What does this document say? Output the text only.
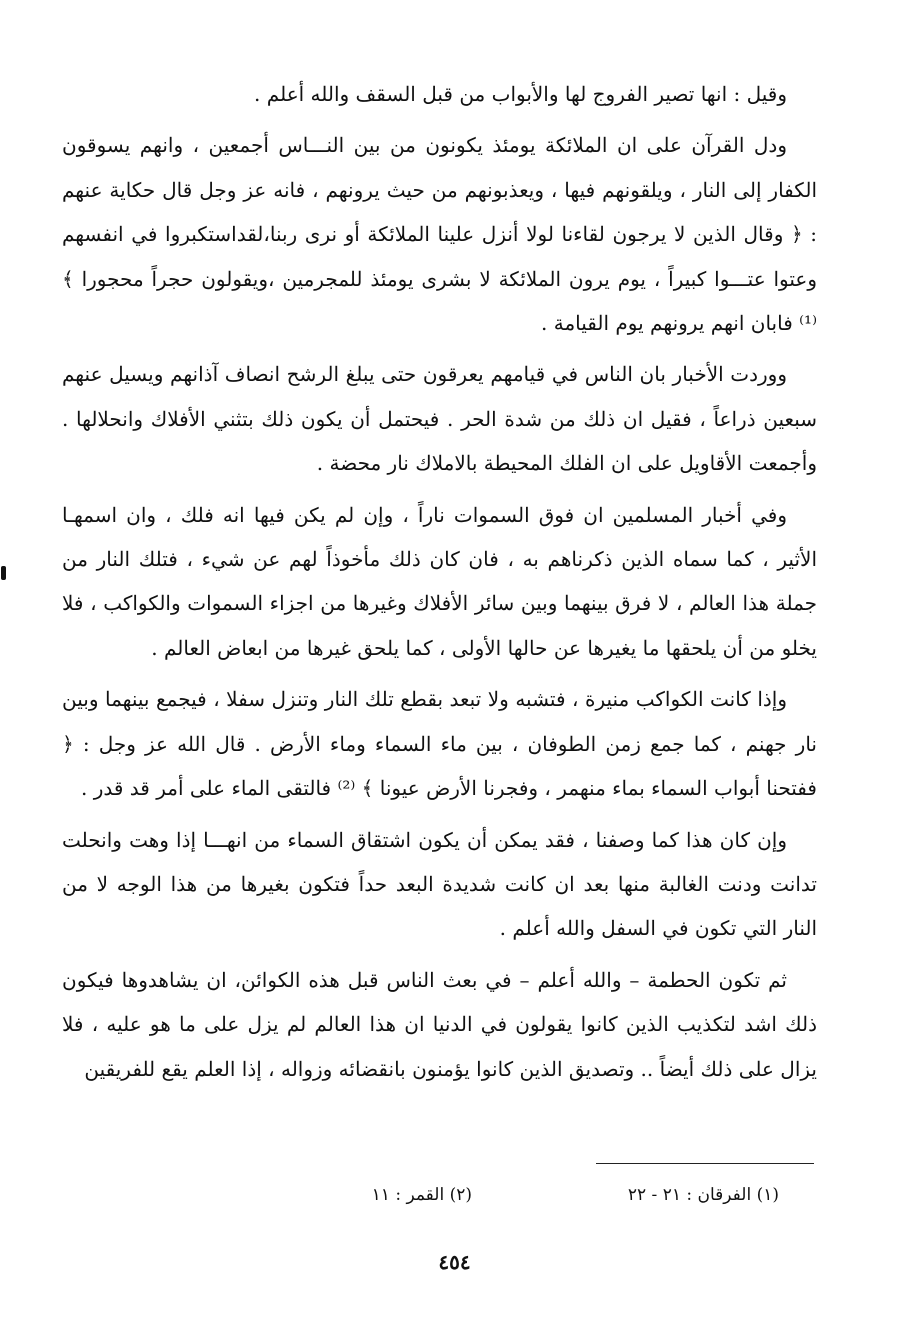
وقيل : انها تصير الفروج لها والأبواب من قبل السقف والله أعلم .

ودل القرآن على ان الملائكة يومئذ يكونون من بين النـــاس أجمعين ، وانهم يسوقون الكفار إلى النار ، ويلقونهم فيها ، ويعذبونهم من حيث يرونهم ، فانه عز وجل قال حكاية عنهم : ﴿ وقال الذين لا يرجون لقاءنا لولا أنزل علينا الملائكة أو نرى ربنا،لقداستكبروا في انفسهم وعتوا عتـــوا كبيراً ، يوم يرون الملائكة لا بشرى يومئذ للمجرمين ،ويقولون حجراً محجورا ﴾ ⁽¹⁾ فابان انهم يرونهم يوم القيامة .

ووردت الأخبار بان الناس في قيامهم يعرقون حتى يبلغ الرشح انصاف آذانهم ويسيل عنهم سبعين ذراعاً ، فقيل ان ذلك من شدة الحر . فيحتمل أن يكون ذلك بتثني الأفلاك وانحلالها . وأجمعت الأقاويل على ان الفلك المحيطة بالاملاك نار محضة .

وفي أخبار المسلمين ان فوق السموات ناراً ، وإن لم يكن فيها انه فلك ، وان اسمهـا الأثير ، كما سماه الذين ذكرناهم به ، فان كان ذلك مأخوذاً لهم عن شيء ، فتلك النار من جملة هذا العالم ، لا فرق بينهما وبين سائر الأفلاك وغيرها من اجزاء السموات والكواكب ، فلا يخلو من أن يلحقها ما يغيرها عن حالها الأولى ، كما يلحق غيرها من ابعاض العالم .

وإذا كانت الكواكب منيرة ، فتشبه ولا تبعد بقطع تلك النار وتنزل سفلا ، فيجمع بينهما وبين نار جهنم ، كما جمع زمن الطوفان ، بين ماء السماء وماء الأرض . قال الله عز وجل : ﴿ ففتحنا أبواب السماء بماء منهمر ، وفجرنا الأرض عيونا ﴾ ⁽²⁾ فالتقى الماء على أمر قد قدر .

وإن كان هذا كما وصفنا ، فقد يمكن أن يكون اشتقاق السماء من انهـــا إذا وهت وانحلت تدانت ودنت الغالبة منها بعد ان كانت شديدة البعد حداً فتكون بغيرها من هذا الوجه لا من النار التي تكون في السفل والله أعلم .

ثم تكون الحطمة – والله أعلم – في بعث الناس قبل هذه الكوائن، ان يشاهدوها فيكون ذلك اشد لتكذيب الذين كانوا يقولون في الدنيا ان هذا العالم لم يزل على ما هو عليه ، فلا يزال على ذلك أيضاً .. وتصديق الذين كانوا يؤمنون بانقضائه وزواله ، إذا العلم يقع للفريقين

(١) الفرقان : ٢١ - ٢٢
(٢) القمر : ١١
٤٥٤
